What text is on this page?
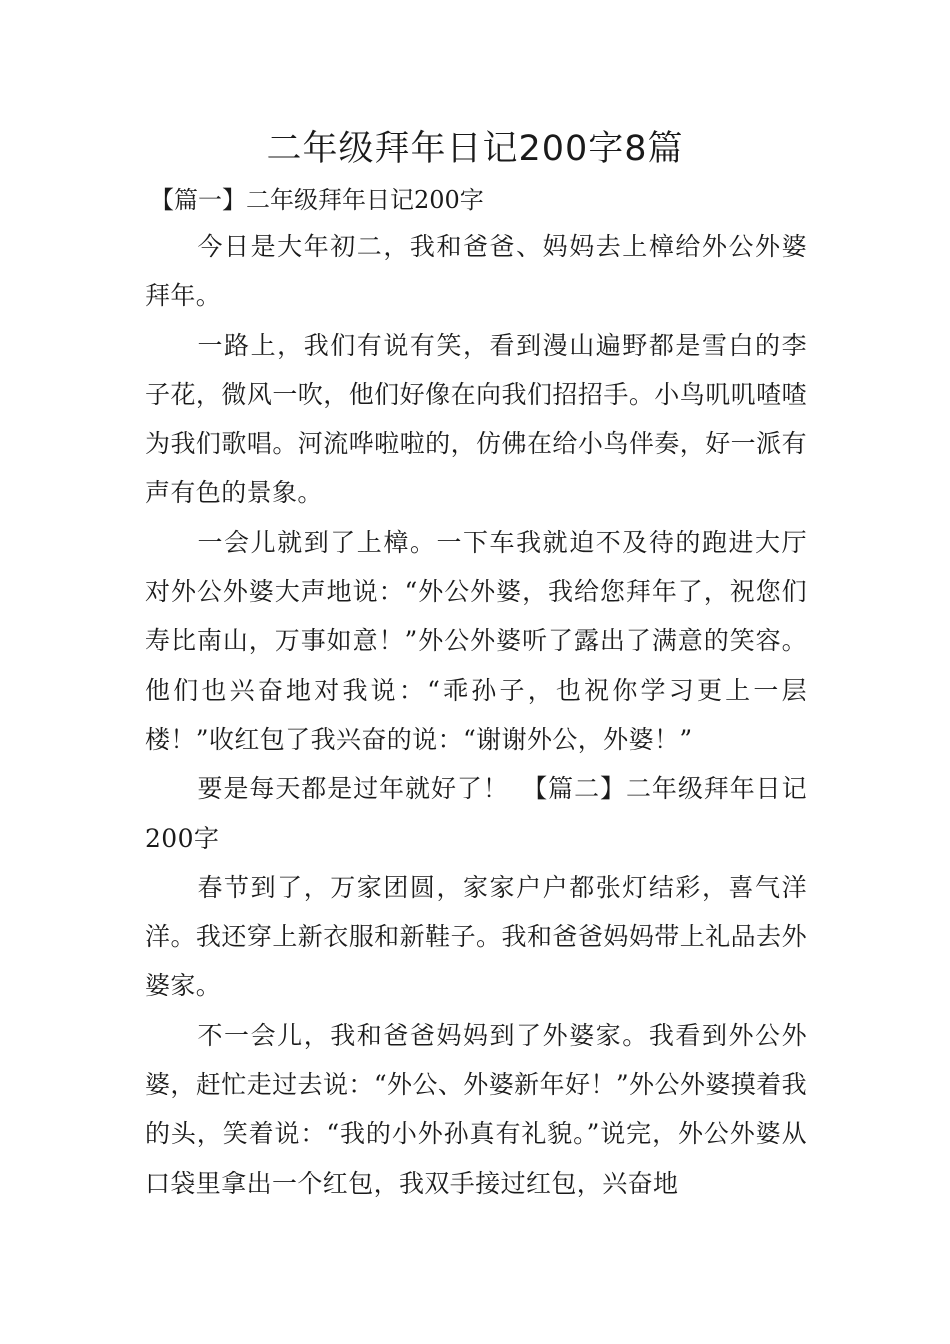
二年级拜年日记200字8篇

【篇一】二年级拜年日记200字

今日是大年初二，我和爸爸、妈妈去上樟给外公外婆拜年。

一路上，我们有说有笑，看到漫山遍野都是雪白的李子花，微风一吹，他们好像在向我们招招手。小鸟叽叽喳喳为我们歌唱。河流哗啦啦的，仿佛在给小鸟伴奏，好一派有声有色的景象。

一会儿就到了上樟。一下车我就迫不及待的跑进大厅对外公外婆大声地说：“外公外婆，我给您拜年了，祝您们寿比南山，万事如意！”外公外婆听了露出了满意的笑容。他们也兴奋地对我说：“乖孙子，也祝你学习更上一层楼！”收红包了我兴奋的说：“谢谢外公，外婆！”

要是每天都是过年就好了！　【篇二】二年级拜年日记200字

春节到了，万家团圆，家家户户都张灯结彩，喜气洋洋。我还穿上新衣服和新鞋子。我和爸爸妈妈带上礼品去外婆家。

不一会儿，我和爸爸妈妈到了外婆家。我看到外公外婆，赶忙走过去说：“外公、外婆新年好！”外公外婆摸着我的头，笑着说：“我的小外孙真有礼貌。”说完，外公外婆从口袋里拿出一个红包，我双手接过红包，兴奋地
